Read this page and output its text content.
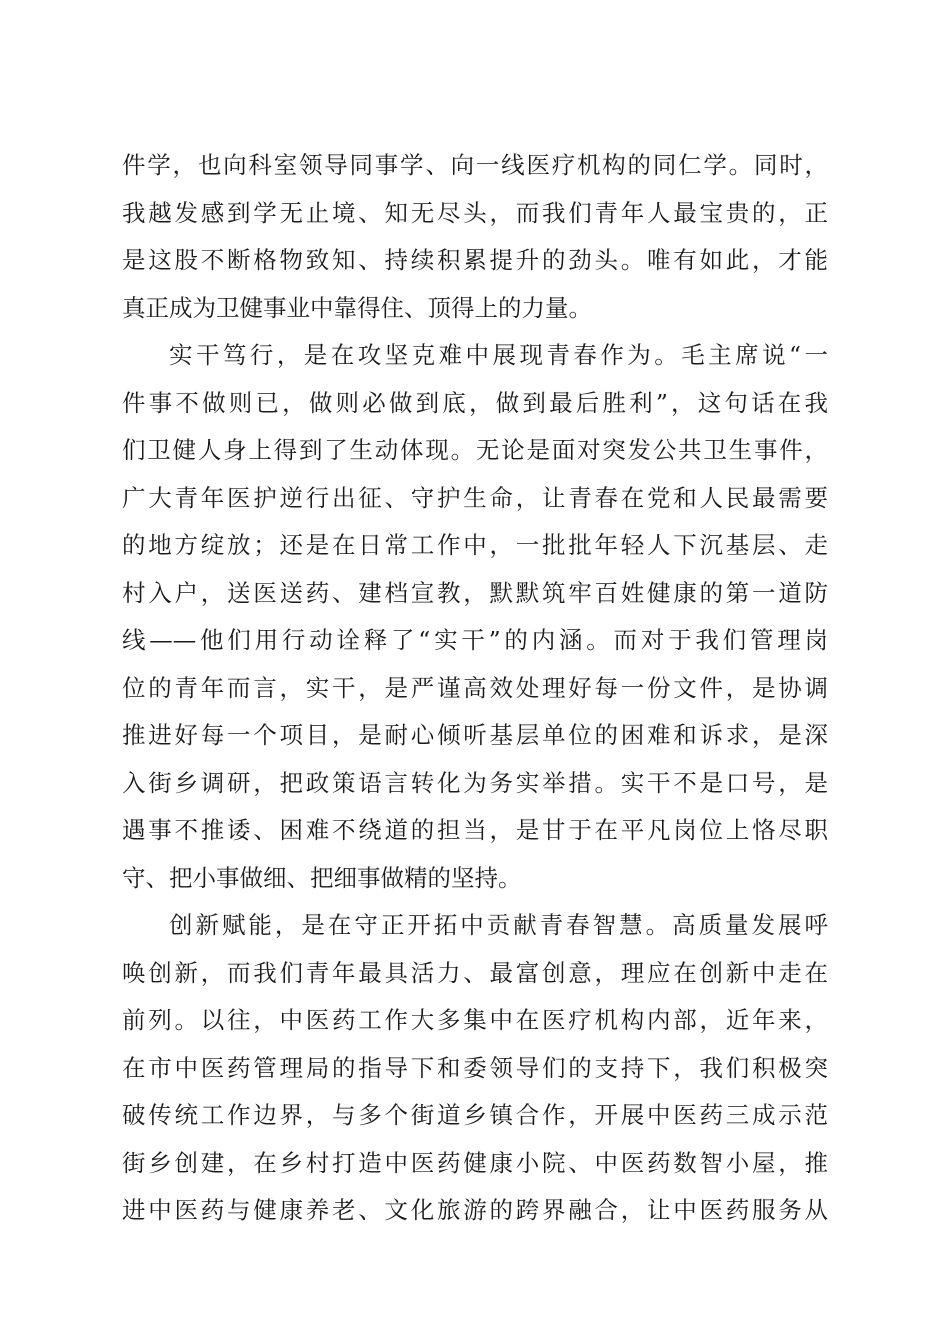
件学，也向科室领导同事学、向一线医疗机构的同仁学。同时，
我越发感到学无止境、知无尽头，而我们青年人最宝贵的，正
是这股不断格物致知、持续积累提升的劲头。唯有如此，才能
真正成为卫健事业中靠得住、顶得上的力量。
实干笃行，是在攻坚克难中展现青春作为。毛主席说“一
件事不做则已，做则必做到底，做到最后胜利”，这句话在我
们卫健人身上得到了生动体现。无论是面对突发公共卫生事件，
广大青年医护逆行出征、守护生命，让青春在党和人民最需要
的地方绽放；还是在日常工作中，一批批年轻人下沉基层、走
村入户，送医送药、建档宣教，默默筑牢百姓健康的第一道防
线——他们用行动诠释了“实干”的内涵。而对于我们管理岗
位的青年而言，实干，是严谨高效处理好每一份文件，是协调
推进好每一个项目，是耐心倾听基层单位的困难和诉求，是深
入街乡调研，把政策语言转化为务实举措。实干不是口号，是
遇事不推诿、困难不绕道的担当，是甘于在平凡岗位上恪尽职
守、把小事做细、把细事做精的坚持。
创新赋能，是在守正开拓中贡献青春智慧。高质量发展呼
唤创新，而我们青年最具活力、最富创意，理应在创新中走在
前列。以往，中医药工作大多集中在医疗机构内部，近年来，
在市中医药管理局的指导下和委领导们的支持下，我们积极突
破传统工作边界，与多个街道乡镇合作，开展中医药三成示范
街乡创建，在乡村打造中医药健康小院、中医药数智小屋，推
进中医药与健康养老、文化旅游的跨界融合，让中医药服务从
